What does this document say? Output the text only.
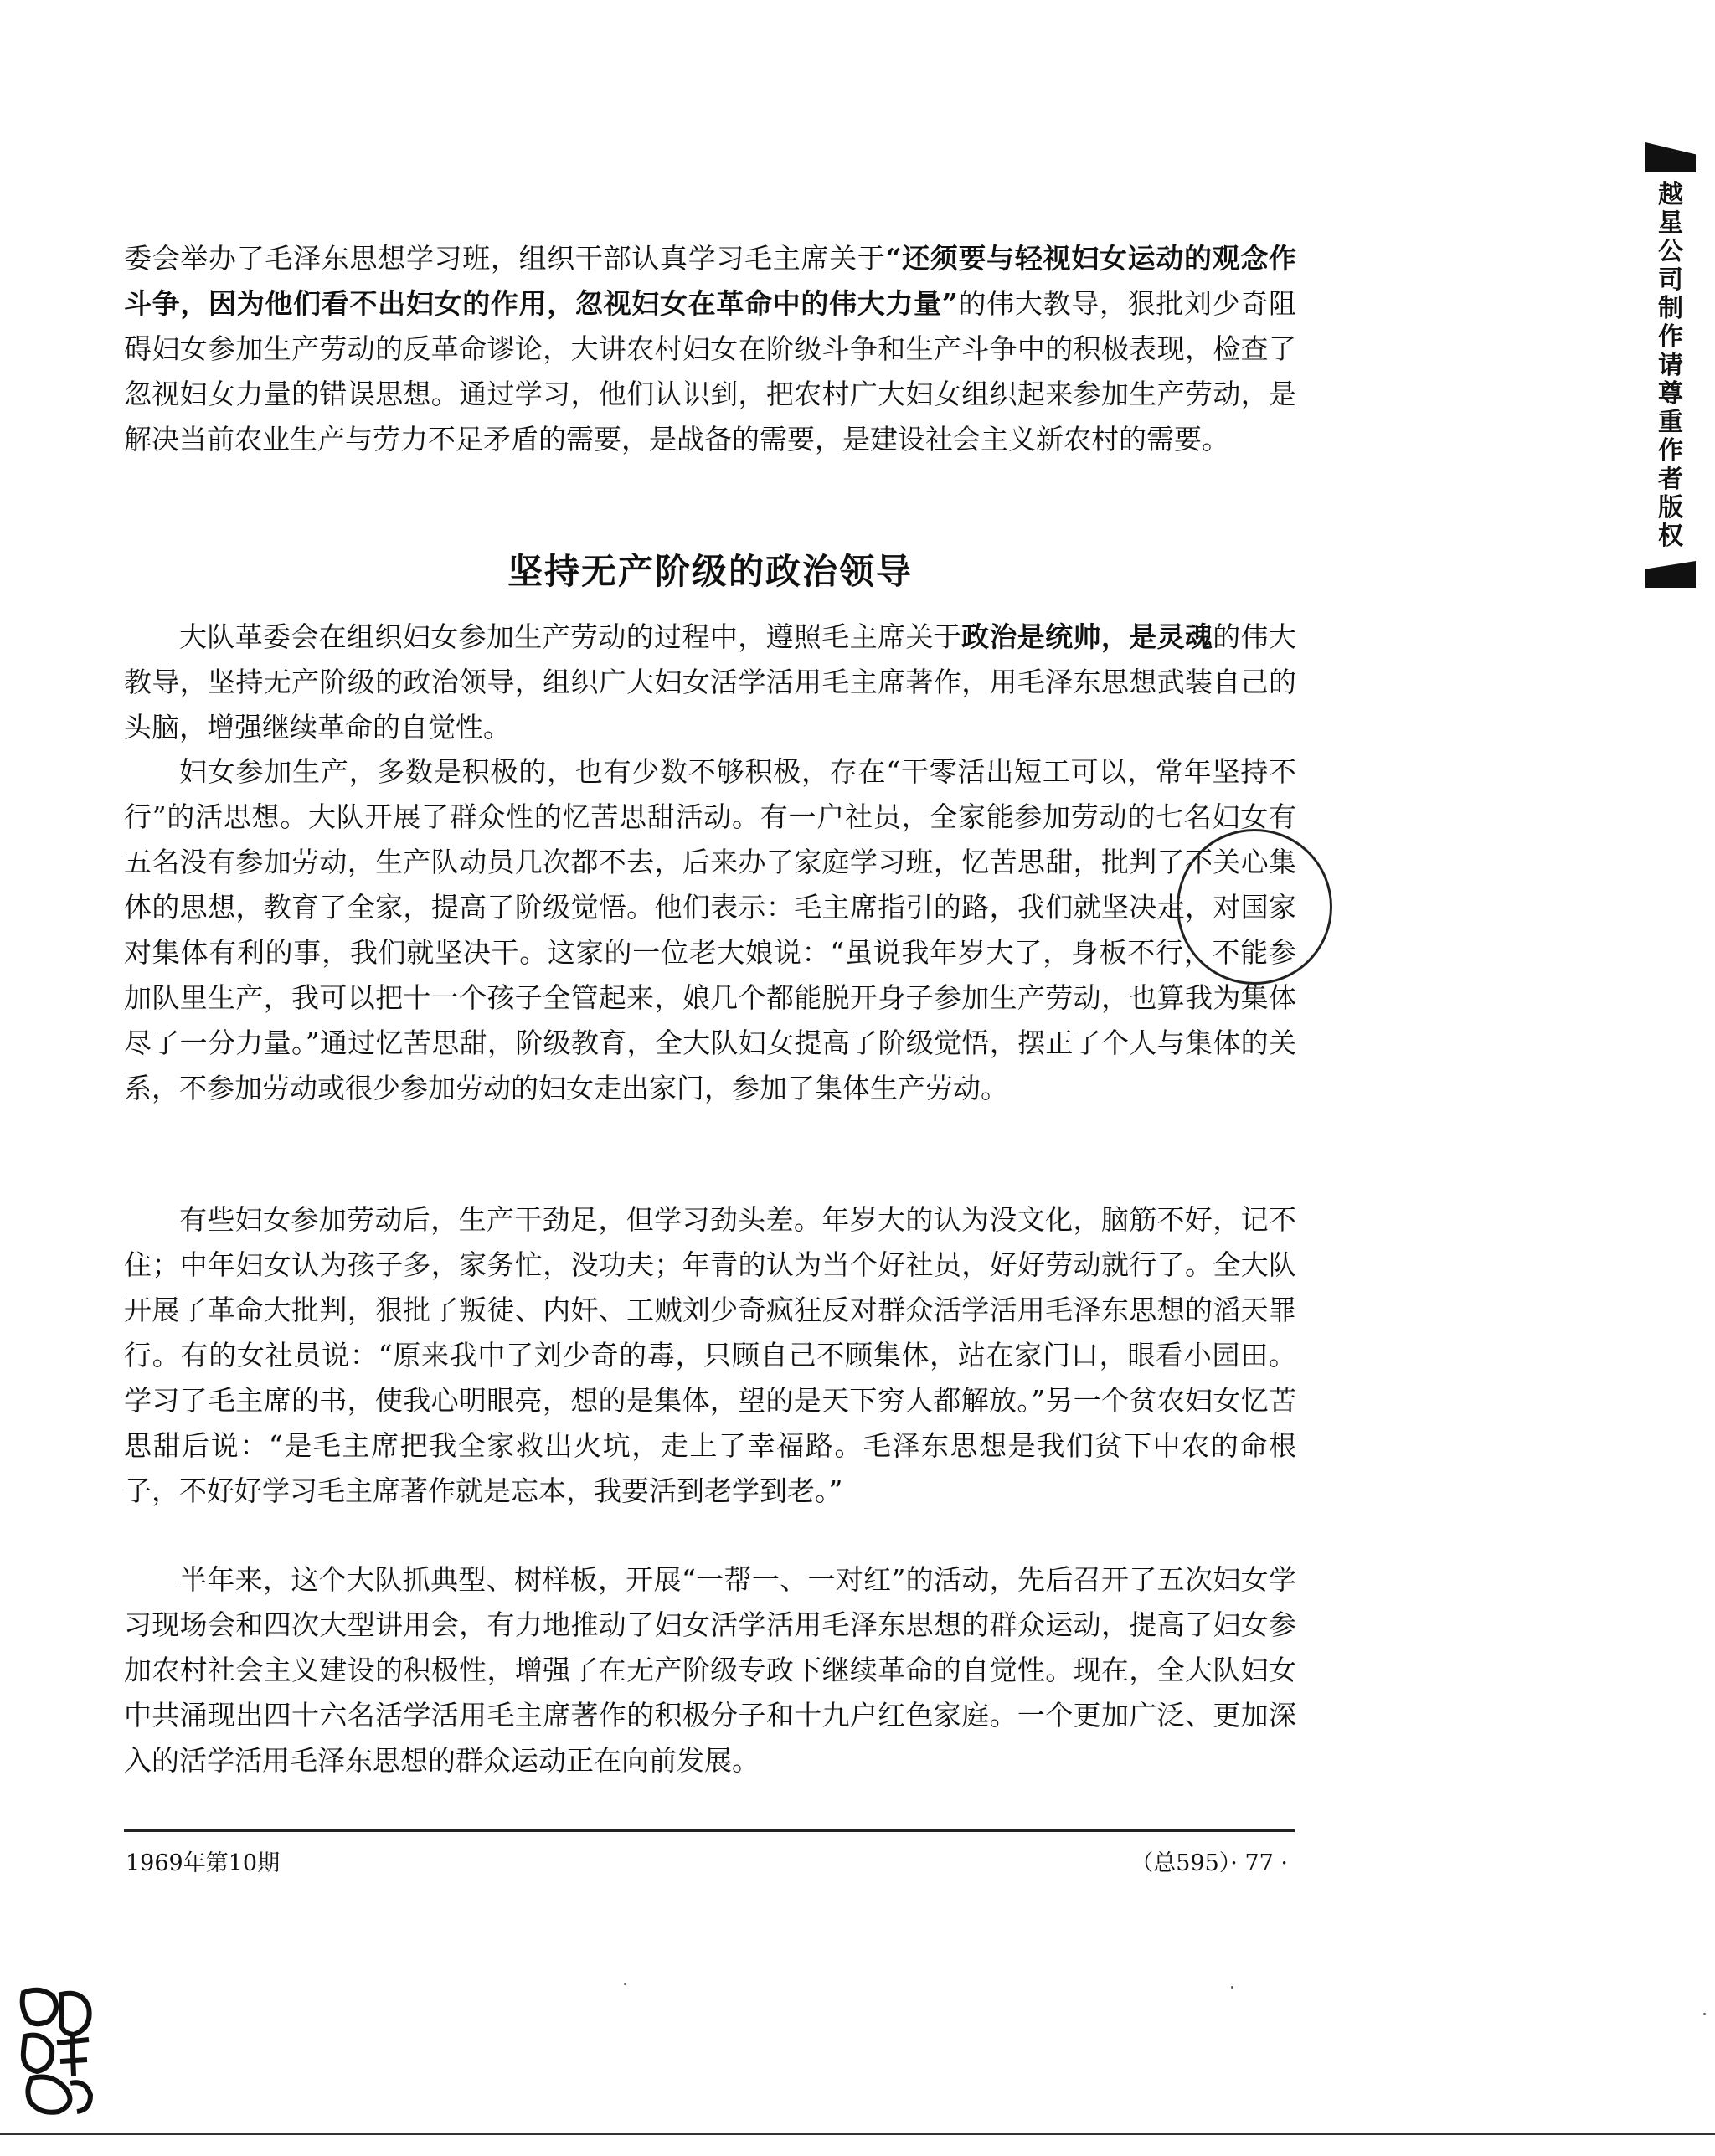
委会举办了毛泽东思想学习班，组织干部认真学习毛主席关于“还须要与轻视妇女运动的观念作斗争，因为他们看不出妇女的作用，忽视妇女在革命中的伟大力量”的伟大教导，狠批刘少奇阻碍妇女参加生产劳动的反革命谬论，大讲农村妇女在阶级斗争和生产斗争中的积极表现，检查了忽视妇女力量的错误思想。通过学习，他们认识到，把农村广大妇女组织起来参加生产劳动，是解决当前农业生产与劳力不足矛盾的需要，是战备的需要，是建设社会主义新农村的需要。

坚持无产阶级的政治领导

大队革委会在组织妇女参加生产劳动的过程中，遵照毛主席关于政治是统帅，是灵魂的伟大教导，坚持无产阶级的政治领导，组织广大妇女活学活用毛主席著作，用毛泽东思想武装自己的头脑，增强继续革命的自觉性。

妇女参加生产，多数是积极的，也有少数不够积极，存在“干零活出短工可以，常年坚持不行”的活思想。大队开展了群众性的忆苦思甜活动。有一户社员，全家能参加劳动的七名妇女有五名没有参加劳动，生产队动员几次都不去，后来办了家庭学习班，忆苦思甜，批判了不关心集体的思想，教育了全家，提高了阶级觉悟。他们表示：毛主席指引的路，我们就坚决走，对国家对集体有利的事，我们就坚决干。这家的一位老大娘说：“虽说我年岁大了，身板不行，不能参加队里生产，我可以把十一个孩子全管起来，娘几个都能脱开身子参加生产劳动，也算我为集体尽了一分力量。”通过忆苦思甜，阶级教育，全大队妇女提高了阶级觉悟，摆正了个人与集体的关系，不参加劳动或很少参加劳动的妇女走出家门，参加了集体生产劳动。

有些妇女参加劳动后，生产干劲足，但学习劲头差。年岁大的认为没文化，脑筋不好，记不住；中年妇女认为孩子多，家务忙，没功夫；年青的认为当个好社员，好好劳动就行了。全大队开展了革命大批判，狠批了叛徒、内奸、工贼刘少奇疯狂反对群众活学活用毛泽东思想的滔天罪行。有的女社员说：“原来我中了刘少奇的毒，只顾自己不顾集体，站在家门口，眼看小园田。学习了毛主席的书，使我心明眼亮，想的是集体，望的是天下穷人都解放。”另一个贫农妇女忆苦思甜后说：“是毛主席把我全家救出火坑，走上了幸福路。毛泽东思想是我们贫下中农的命根子，不好好学习毛主席著作就是忘本，我要活到老学到老。”

半年来，这个大队抓典型、树样板，开展“一帮一、一对红”的活动，先后召开了五次妇女学习现场会和四次大型讲用会，有力地推动了妇女活学活用毛泽东思想的群众运动，提高了妇女参加农村社会主义建设的积极性，增强了在无产阶级专政下继续革命的自觉性。现在，全大队妇女中共涌现出四十六名活学活用毛主席著作的积极分子和十九户红色家庭。一个更加广泛、更加深入的活学活用毛泽东思想的群众运动正在向前发展。

1969年第10期	（总595）· 77 ·
越星公司制作请尊重作者版权
